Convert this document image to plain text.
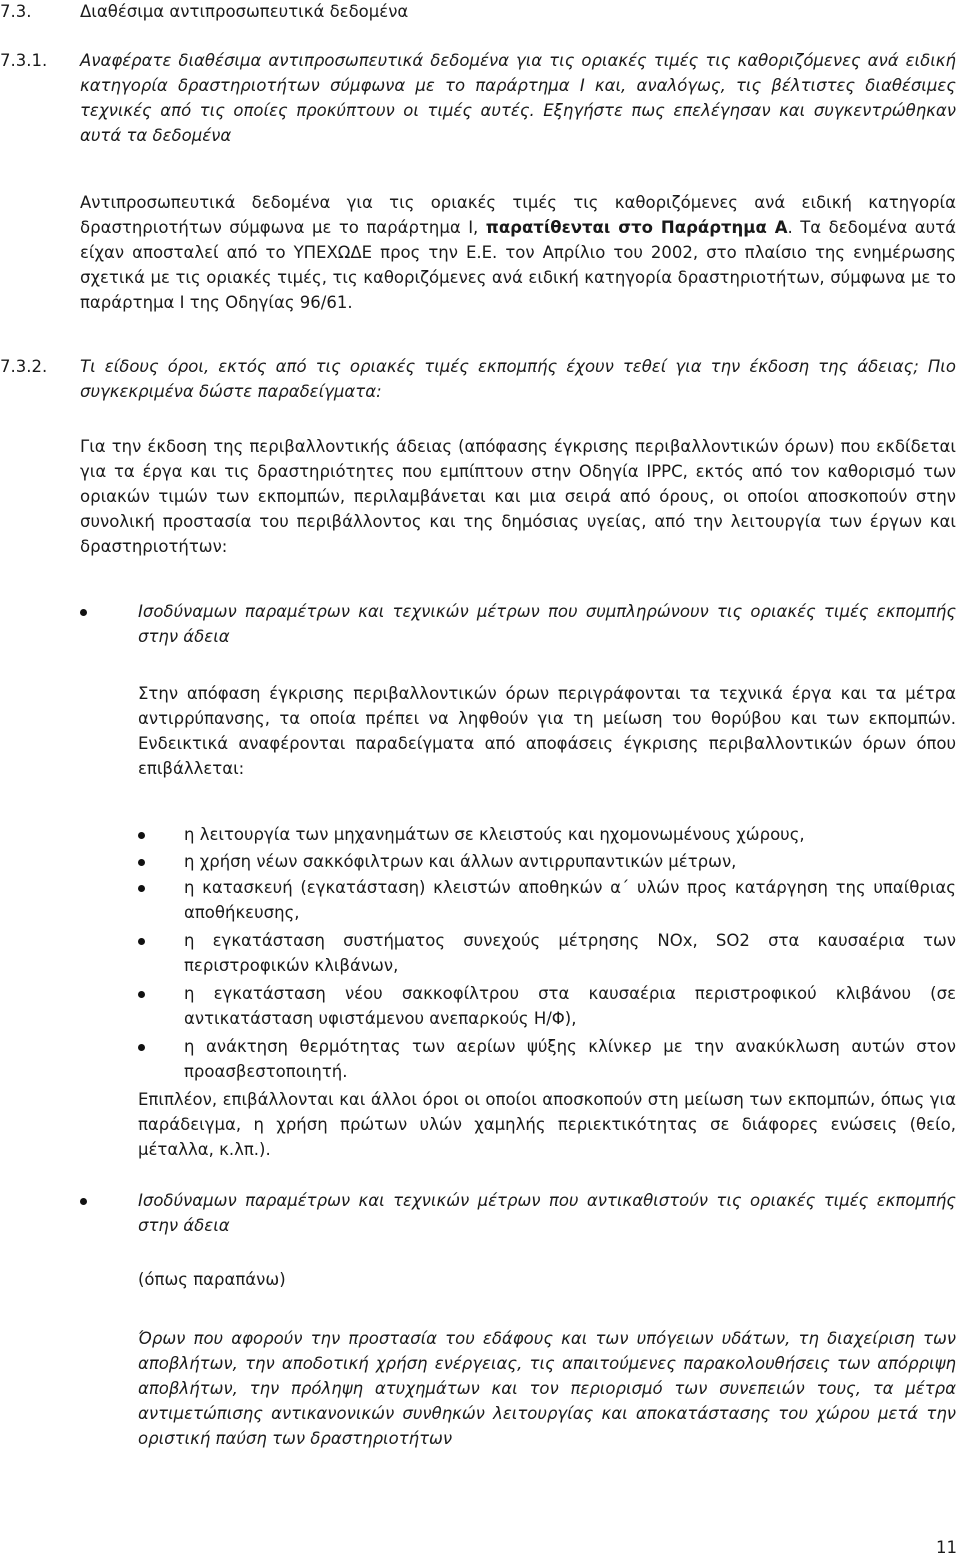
7.3.	Διαθέσιμα αντιπροσωπευτικά δεδομένα
7.3.1. Αναφέρατε διαθέσιμα αντιπροσωπευτικά δεδομένα για τις οριακές τιμές τις καθοριζόμενες ανά ειδική κατηγορία δραστηριοτήτων σύμφωνα με το παράρτημα Ι και, αναλόγως, τις βέλτιστες διαθέσιμες τεχνικές από τις οποίες προκύπτουν οι τιμές αυτές. Εξηγήστε πως επελέγησαν και συγκεντρώθηκαν αυτά τα δεδομένα

Αντιπροσωπευτικά δεδομένα για τις οριακές τιμές τις καθοριζόμενες ανά ειδική κατηγορία δραστηριοτήτων σύμφωνα με το παράρτημα Ι, παρατίθενται στο Παράρτημα Α. Τα δεδομένα αυτά είχαν αποσταλεί από το ΥΠΕΧΩΔΕ προς την Ε.Ε. τον Απρίλιο του 2002, στο πλαίσιο της ενημέρωσης σχετικά με τις οριακές τιμές, τις καθοριζόμενες ανά ειδική κατηγορία δραστηριοτήτων, σύμφωνα με το παράρτημα Ι της Οδηγίας 96/61.

7.3.2. Τι είδους όροι, εκτός από τις οριακές τιμές εκπομπής έχουν τεθεί για την έκδοση της άδειας; Πιο συγκεκριμένα δώστε παραδείγματα:

Για την έκδοση της περιβαλλοντικής άδειας (απόφασης έγκρισης περιβαλλοντικών όρων) που εκδίδεται για τα έργα και τις δραστηριότητες που εμπίπτουν στην Οδηγία IPPC, εκτός από τον καθορισμό των οριακών τιμών των εκπομπών, περιλαμβάνεται και μια σειρά από όρους, οι οποίοι αποσκοπούν στην συνολική προστασία του περιβάλλοντος και της δημόσιας υγείας, από την λειτουργία των έργων και δραστηριοτήτων:

Ισοδύναμων παραμέτρων και τεχνικών μέτρων που συμπληρώνουν τις οριακές τιμές εκπομπής στην άδεια

Στην απόφαση έγκρισης περιβαλλοντικών όρων περιγράφονται τα τεχνικά έργα και τα μέτρα αντιρρύπανσης, τα οποία πρέπει να ληφθούν για τη μείωση του θορύβου και των εκπομπών. Ενδεικτικά αναφέρονται παραδείγματα από αποφάσεις έγκρισης περιβαλλοντικών όρων όπου επιβάλλεται:

η λειτουργία των μηχανημάτων σε κλειστούς και ηχομονωμένους χώρους,

η χρήση νέων σακκόφιλτρων και άλλων αντιρρυπαντικών μέτρων,

η κατασκευή (εγκατάσταση) κλειστών αποθηκών α΄ υλών προς κατάργηση της υπαίθριας αποθήκευσης,

η εγκατάσταση συστήματος συνεχούς μέτρησης NOx, SO2 στα καυσαέρια των περιστροφικών κλιβάνων,

η εγκατάσταση νέου σακκοφίλτρου στα καυσαέρια περιστροφικού κλιβάνου (σε αντικατάσταση υφιστάμενου ανεπαρκούς Η/Φ),

η ανάκτηση θερμότητας των αερίων ψύξης κλίνκερ με την ανακύκλωση αυτών στον προασβεστοποιητή.

Επιπλέον, επιβάλλονται και άλλοι όροι οι οποίοι αποσκοπούν στη μείωση των εκπομπών, όπως για παράδειγμα, η χρήση πρώτων υλών χαμηλής περιεκτικότητας σε διάφορες ενώσεις (θείο, μέταλλα, κ.λπ.).

Ισοδύναμων παραμέτρων και τεχνικών μέτρων που αντικαθιστούν τις οριακές τιμές εκπομπής στην άδεια

(όπως παραπάνω)

Όρων που αφορούν την προστασία του εδάφους και των υπόγειων υδάτων, τη διαχείριση των αποβλήτων, την αποδοτική χρήση ενέργειας, τις απαιτούμενες παρακολουθήσεις των απόρριψη αποβλήτων, την πρόληψη ατυχημάτων και τον περιορισμό των συνεπειών τους, τα μέτρα αντιμετώπισης αντικανονικών συνθηκών λειτουργίας και αποκατάστασης του χώρου μετά την οριστική παύση των δραστηριοτήτων

11
